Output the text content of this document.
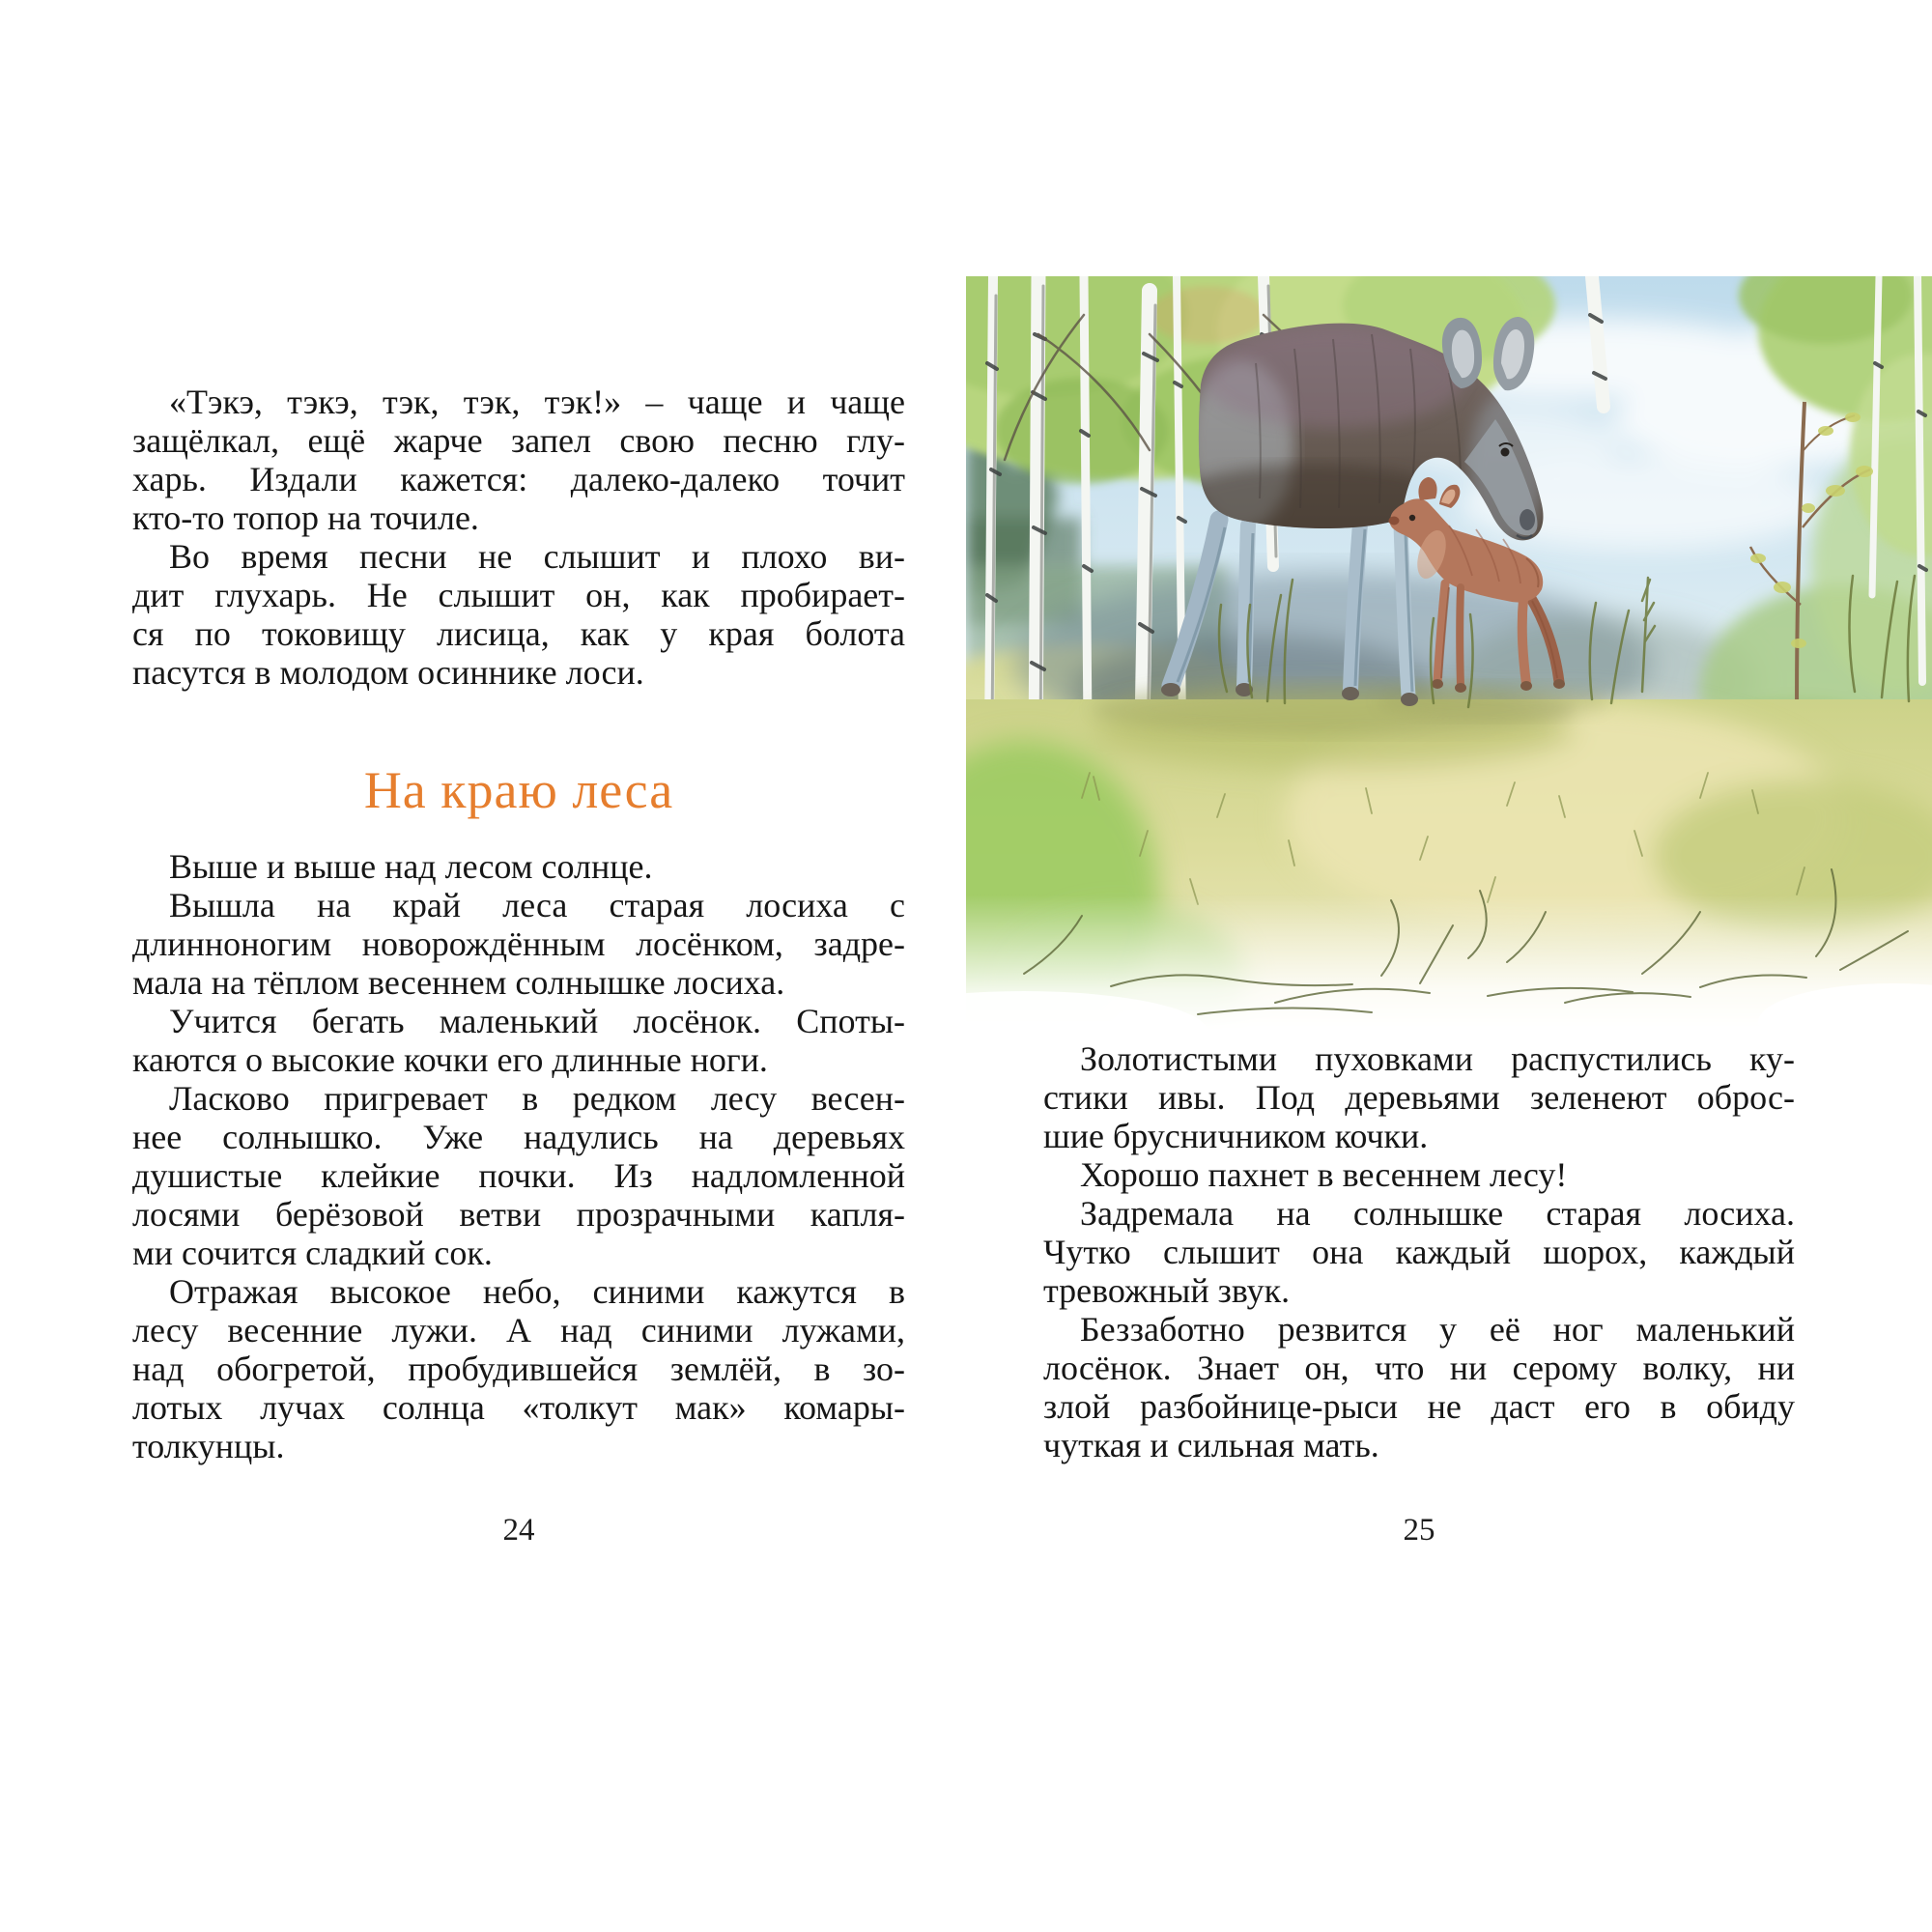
«Тэкэ, тэкэ, тэк, тэк, тэк!» – чаще и чаще
защёлкал, ещё жарче запел свою песню глу-
харь. Издали кажется: далеко-далеко точит
кто-то топор на точиле.
Во время песни не слышит и плохо ви-
дит глухарь. Не слышит он, как пробирает-
ся по токовищу лисица, как у края болота
пасутся в молодом осиннике лоси.
На краю леса
Выше и выше над лесом солнце.
Вышла на край леса старая лосиха с
длинноногим новорождённым лосёнком, задре-
мала на тёплом весеннем солнышке лосиха.
Учится бегать маленький лосёнок. Споты-
каются о высокие кочки его длинные ноги.
Ласково пригревает в редком лесу весен-
нее солнышко. Уже надулись на деревьях
душистые клейкие почки. Из надломленной
лосями берёзовой ветви прозрачными капля-
ми сочится сладкий сок.
Отражая высокое небо, синими кажутся в
лесу весенние лужи. А над синими лужами,
над обогретой, пробудившейся землёй, в зо-
лотых лучах солнца «толкут мак» комары-
толкунцы.
24
Золотистыми пуховками распустились ку-
стики ивы. Под деревьями зеленеют оброс-
шие брусничником кочки.
Хорошо пахнет в весеннем лесу!
Задремала на солнышке старая лосиха.
Чутко слышит она каждый шорох, каждый
тревожный звук.
Беззаботно резвится у её ног маленький
лосёнок. Знает он, что ни серому волку, ни
злой разбойнице-рыси не даст его в обиду
чуткая и сильная мать.
25
